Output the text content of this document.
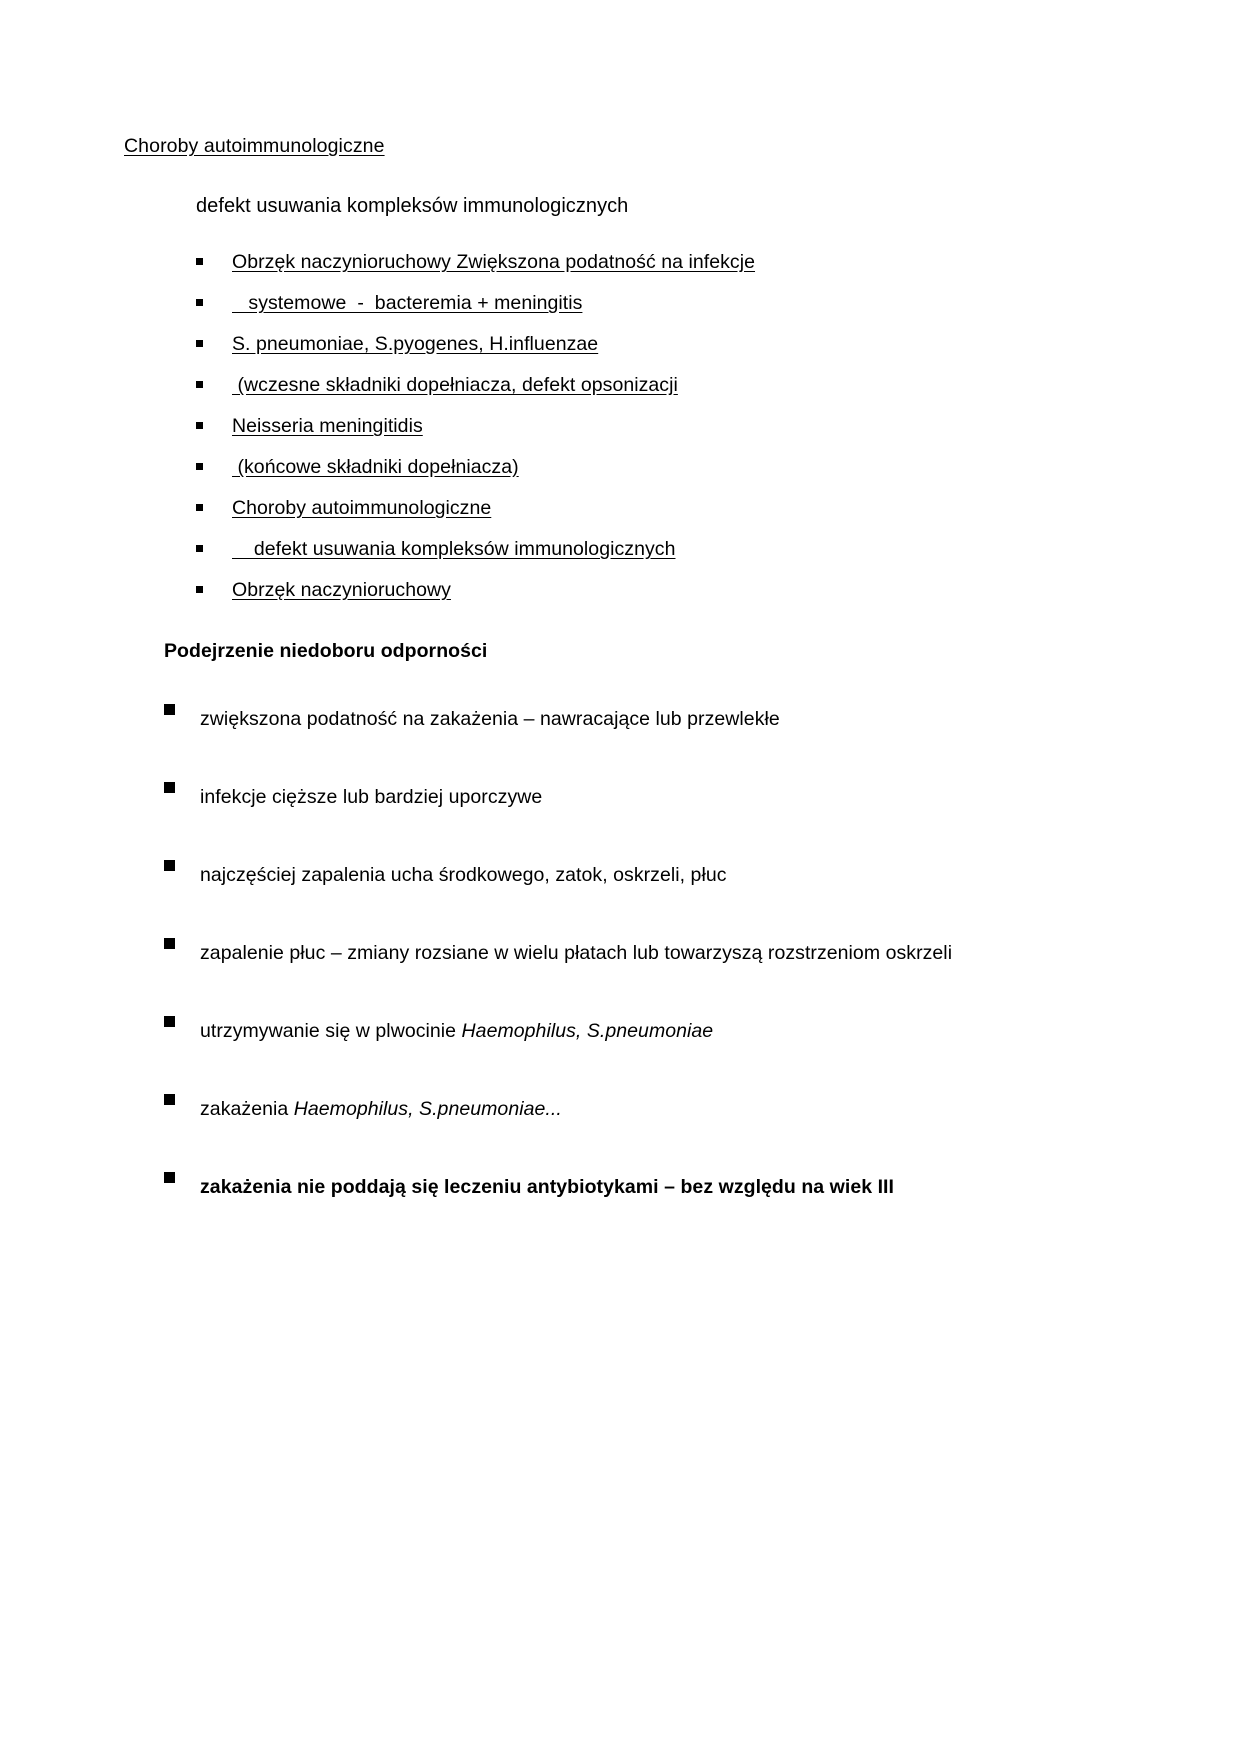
Choroby autoimmunologiczne
defekt usuwania kompleksów immunologicznych
Obrzęk naczynioruchowy Zwiększona podatność na infekcje
systemowe  -  bacteremia + meningitis
S. pneumoniae, S.pyogenes, H.influenzae
(wczesne składniki dopełniacza, defekt opsonizacji
Neisseria meningitidis
(końcowe składniki dopełniacza)
Choroby autoimmunologiczne
defekt usuwania kompleksów immunologicznych
Obrzęk naczynioruchowy
Podejrzenie niedoboru odporności
zwiększona podatność na zakażenia – nawracające lub przewlekłe
infekcje cięższe lub bardziej uporczywe
najczęściej zapalenia ucha środkowego, zatok, oskrzeli, płuc
zapalenie płuc – zmiany rozsiane w wielu płatach lub towarzyszą rozstrzeniom oskrzeli
utrzymywanie się w plwocinie Haemophilus, S.pneumoniae
zakażenia Haemophilus, S.pneumoniae...
zakażenia nie poddają się leczeniu antybiotykami – bez względu na wiek III
